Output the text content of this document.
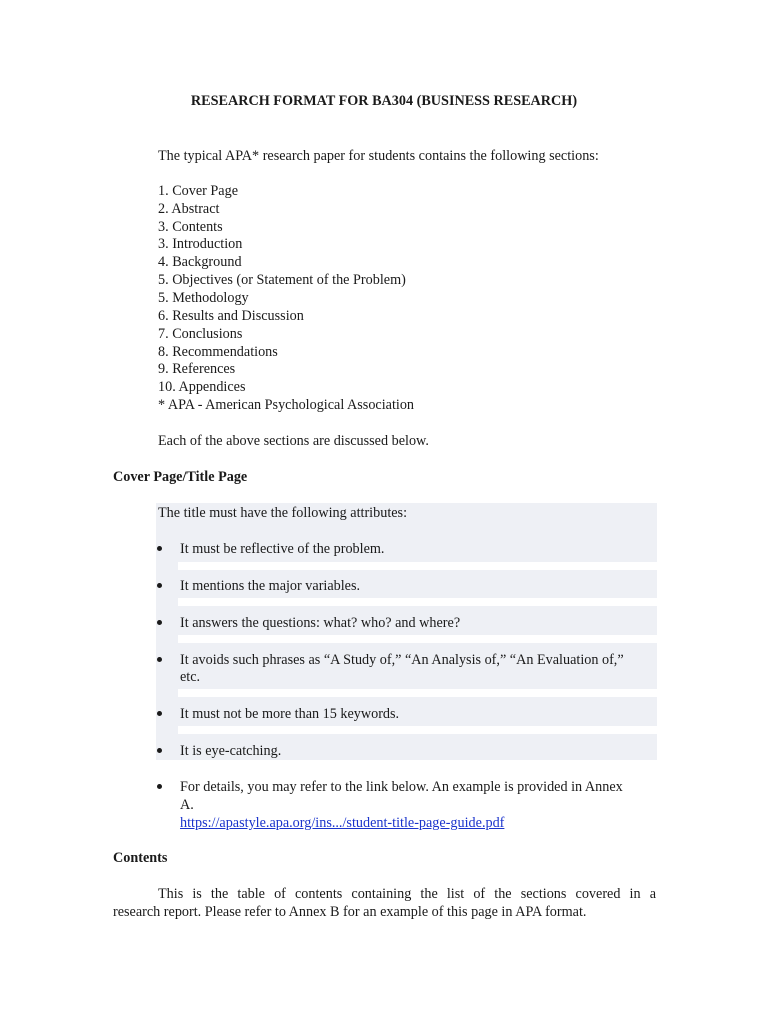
RESEARCH FORMAT FOR BA304 (BUSINESS RESEARCH)
The typical APA* research paper for students contains the following sections:
1. Cover Page
2. Abstract
3. Contents
3. Introduction
4. Background
5. Objectives (or Statement of the Problem)
5. Methodology
6. Results and Discussion
7. Conclusions
8. Recommendations
9. References
10. Appendices
* APA - American Psychological Association
Each of the above sections are discussed below.
Cover Page/Title Page
The title must have the following attributes:
It must be reflective of the problem.
It mentions the major variables.
It answers the questions: what? who? and where?
It avoids such phrases as “A Study of,” “An Analysis of,” “An Evaluation of,”
etc.
It must not be more than 15 keywords.
It is eye-catching.
For details, you may refer to the link below. An example is provided in Annex
A.
https://apastyle.apa.org/ins.../student-title-page-guide.pdf
Contents
This is the table of contents containing the list of the sections covered in a
research report. Please refer to Annex B for an example of this page in APA format.
